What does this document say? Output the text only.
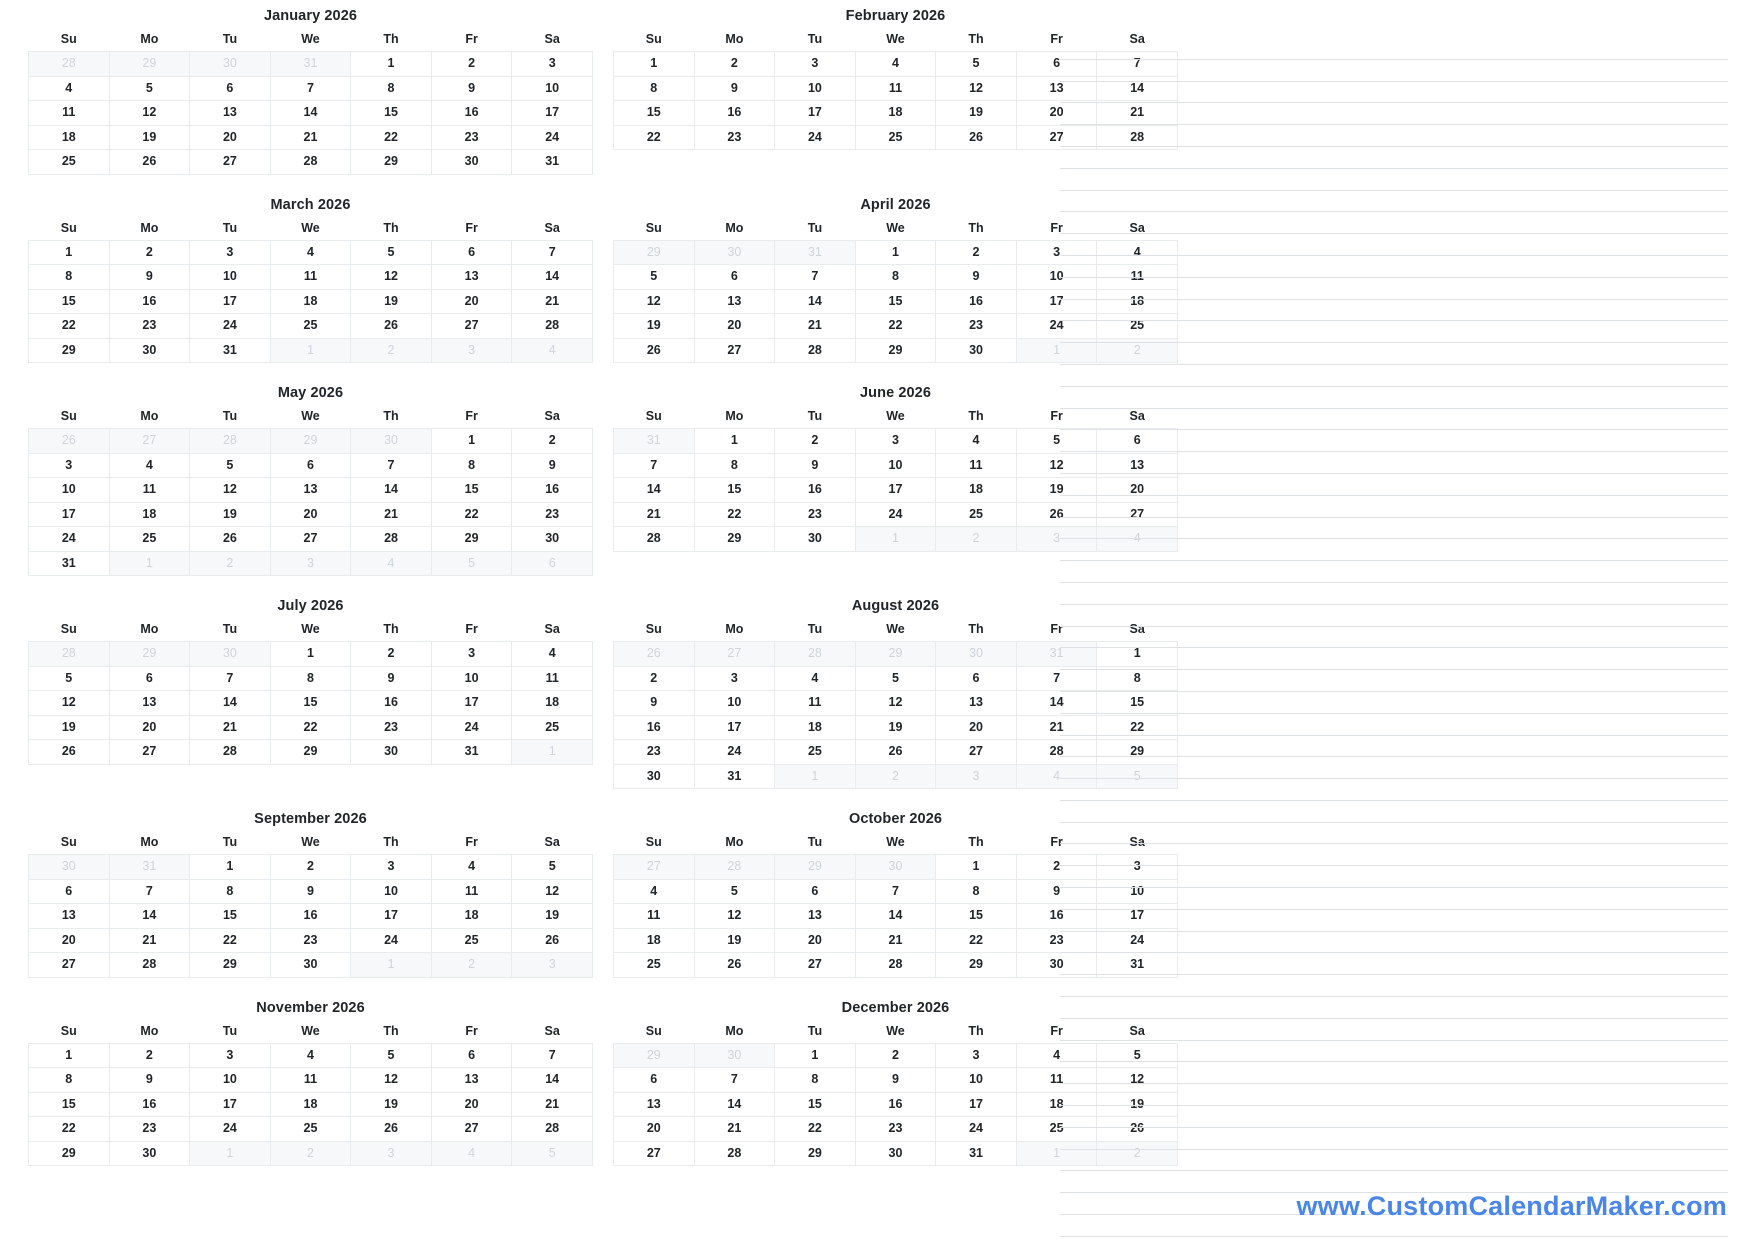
January 2026
Su	Mo	Tu	We	Th	Fr	Sa
28	29	30	31	1	2	3
4	5	6	7	8	9	10
11	12	13	14	15	16	17
18	19	20	21	22	23	24
25	26	27	28	29	30	31
February 2026
Su	Mo	Tu	We	Th	Fr	Sa
1	2	3	4	5	6	7
8	9	10	11	12	13	14
15	16	17	18	19	20	21
22	23	24	25	26	27	28
March 2026
Su	Mo	Tu	We	Th	Fr	Sa
1	2	3	4	5	6	7
8	9	10	11	12	13	14
15	16	17	18	19	20	21
22	23	24	25	26	27	28
29	30	31	1	2	3	4
April 2026
Su	Mo	Tu	We	Th	Fr	Sa
29	30	31	1	2	3	4
5	6	7	8	9	10	11
12	13	14	15	16	17	18
19	20	21	22	23	24	25
26	27	28	29	30	1	2
May 2026
Su	Mo	Tu	We	Th	Fr	Sa
26	27	28	29	30	1	2
3	4	5	6	7	8	9
10	11	12	13	14	15	16
17	18	19	20	21	22	23
24	25	26	27	28	29	30
31	1	2	3	4	5	6
June 2026
Su	Mo	Tu	We	Th	Fr	Sa
31	1	2	3	4	5	6
7	8	9	10	11	12	13
14	15	16	17	18	19	20
21	22	23	24	25	26	27
28	29	30	1	2	3	4
July 2026
Su	Mo	Tu	We	Th	Fr	Sa
28	29	30	1	2	3	4
5	6	7	8	9	10	11
12	13	14	15	16	17	18
19	20	21	22	23	24	25
26	27	28	29	30	31	1
August 2026
Su	Mo	Tu	We	Th	Fr	Sa
26	27	28	29	30	31	1
2	3	4	5	6	7	8
9	10	11	12	13	14	15
16	17	18	19	20	21	22
23	24	25	26	27	28	29
30	31	1	2	3	4	5
September 2026
Su	Mo	Tu	We	Th	Fr	Sa
30	31	1	2	3	4	5
6	7	8	9	10	11	12
13	14	15	16	17	18	19
20	21	22	23	24	25	26
27	28	29	30	1	2	3
October 2026
Su	Mo	Tu	We	Th	Fr	Sa
27	28	29	30	1	2	3
4	5	6	7	8	9	10
11	12	13	14	15	16	17
18	19	20	21	22	23	24
25	26	27	28	29	30	31
November 2026
Su	Mo	Tu	We	Th	Fr	Sa
1	2	3	4	5	6	7
8	9	10	11	12	13	14
15	16	17	18	19	20	21
22	23	24	25	26	27	28
29	30	1	2	3	4	5
December 2026
Su	Mo	Tu	We	Th	Fr	Sa
29	30	1	2	3	4	5
6	7	8	9	10	11	12
13	14	15	16	17	18	19
20	21	22	23	24	25	26
27	28	29	30	31	1	2
www.CustomCalendarMaker.com
